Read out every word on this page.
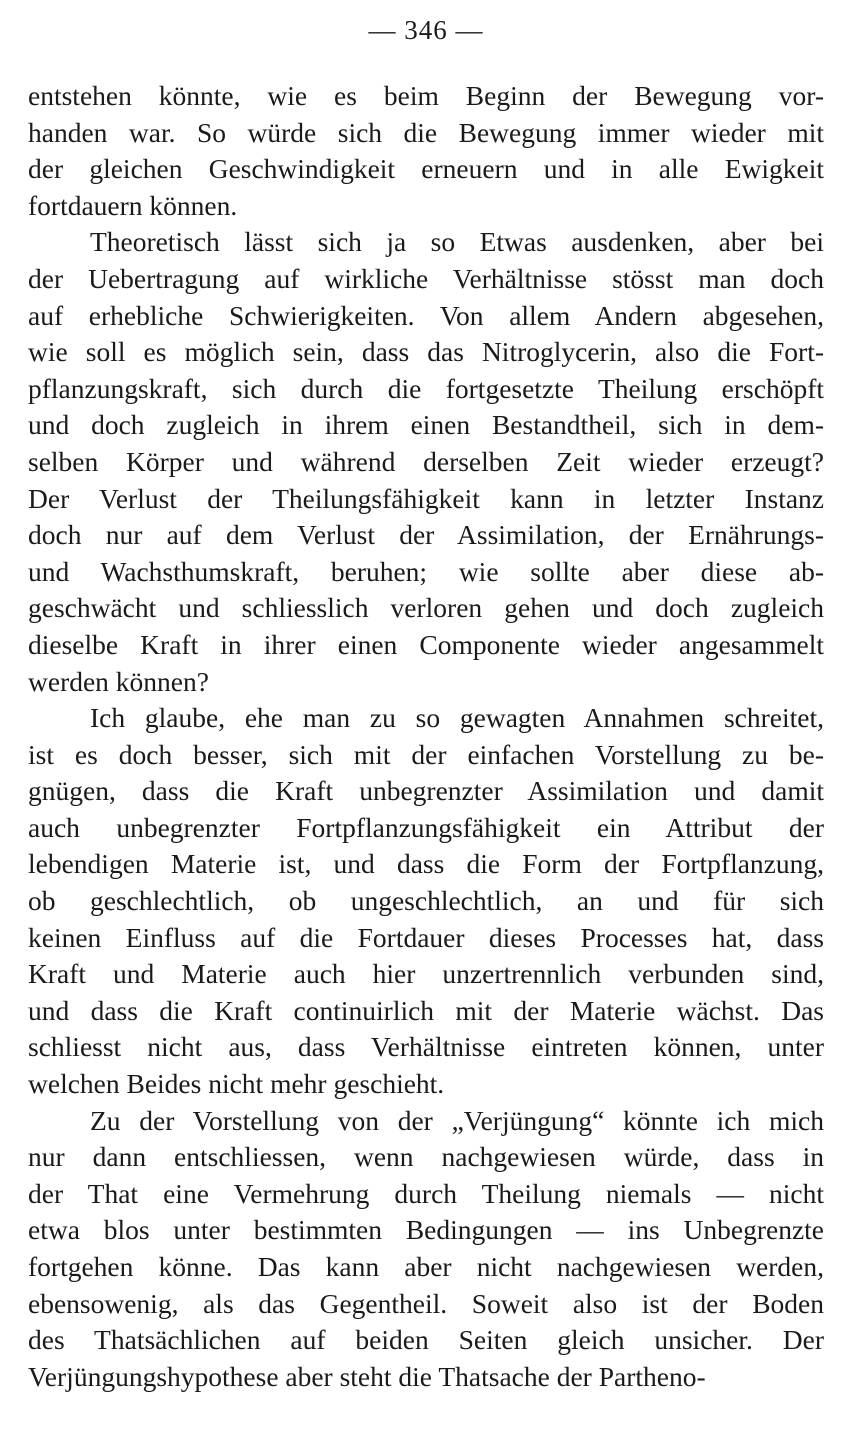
— 346 —
entstehen könnte, wie es beim Beginn der Bewegung vor-
handen war. So würde sich die Bewegung immer wieder mit
der gleichen Geschwindigkeit erneuern und in alle Ewigkeit
fortdauern können.
Theoretisch lässt sich ja so Etwas ausdenken, aber bei
der Uebertragung auf wirkliche Verhältnisse stösst man doch
auf erhebliche Schwierigkeiten. Von allem Andern abgesehen,
wie soll es möglich sein, dass das Nitroglycerin, also die Fort-
pflanzungskraft, sich durch die fortgesetzte Theilung erschöpft
und doch zugleich in ihrem einen Bestandtheil, sich in dem-
selben Körper und während derselben Zeit wieder erzeugt?
Der Verlust der Theilungsfähigkeit kann in letzter Instanz
doch nur auf dem Verlust der Assimilation, der Ernährungs-
und Wachsthumskraft, beruhen; wie sollte aber diese ab-
geschwächt und schliesslich verloren gehen und doch zugleich
dieselbe Kraft in ihrer einen Componente wieder angesammelt
werden können?
Ich glaube, ehe man zu so gewagten Annahmen schreitet,
ist es doch besser, sich mit der einfachen Vorstellung zu be-
gnügen, dass die Kraft unbegrenzter Assimilation und damit
auch unbegrenzter Fortpflanzungsfähigkeit ein Attribut der
lebendigen Materie ist, und dass die Form der Fortpflanzung,
ob geschlechtlich, ob ungeschlechtlich, an und für sich
keinen Einfluss auf die Fortdauer dieses Processes hat, dass
Kraft und Materie auch hier unzertrennlich verbunden sind,
und dass die Kraft continuirlich mit der Materie wächst. Das
schliesst nicht aus, dass Verhältnisse eintreten können, unter
welchen Beides nicht mehr geschieht.
Zu der Vorstellung von der „Verjüngung“ könnte ich mich
nur dann entschliessen, wenn nachgewiesen würde, dass in
der That eine Vermehrung durch Theilung niemals — nicht
etwa blos unter bestimmten Bedingungen — ins Unbegrenzte
fortgehen könne. Das kann aber nicht nachgewiesen werden,
ebensowenig, als das Gegentheil. Soweit also ist der Boden
des Thatsächlichen auf beiden Seiten gleich unsicher. Der
Verjüngungshypothese aber steht die Thatsache der Partheno-
